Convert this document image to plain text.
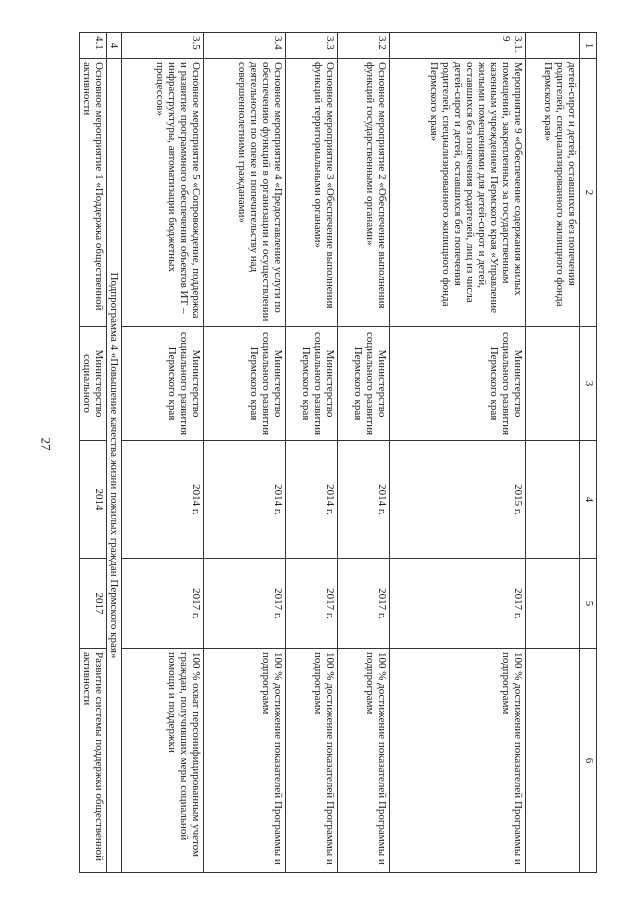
27
1	2	3	4	5	6
	детей-сирот и детей, оставшихся без попечения родителей, специализированного жилищного фонда Пермского края»				
3.1.9	Мероприятие 9 «Обеспечение содержания жилых помещений, закрепленных за государственным казенным учреждением Пермского края «Управление жилыми помещениями для детей-сирот и детей, оставшихся без попечения родителей, лиц из числа детей-сирот и детей, оставшихся без попечения родителей, специализированного жилищного фонда Пермского края»	Министерство социального развития Пермского края	2015 г.	2017 г.	100 % достижение показателей Программы и подпрограмм
3.2	Основное мероприятие 2 «Обеспечение выполнения функций государственными органами»	Министерство социального развития Пермского края	2014 г.	2017 г.	100 % достижение показателей Программы и подпрограмм
3.3	Основное мероприятие 3 «Обеспечение выполнения функций территориальными органами»	Министерство социального развития Пермского края	2014 г.	2017 г.	100 % достижение показателей Программы и подпрограмм
3.4	Основное мероприятие 4 «Предоставление услуги по обеспечению функций в организации и осуществлении деятельности по опеке и попечительству над совершеннолетними гражданами»	Министерство социального развития Пермского края	2014 г.	2017 г.	100 % достижение показателей Программы и подпрограмм
3.5	Основное мероприятие 5 «Сопровождение, поддержка и развитие программного обеспечения объектов ИТ – инфраструктуры, автоматизации бюджетных процессов»	Министерство социального развития Пермского края	2014 г.	2017 г.	100 % охват персонифицированным учетом граждан, получивших меры социальной помощи и поддержки
4	Подпрограмма 4 «Повышение качества жизни пожилых граждан Пермского края»				
4.1	Основное мероприятие 1 «Поддержка общественной активности	Министерство социального	2014	2017	Развитие системы поддержки общественной активности
